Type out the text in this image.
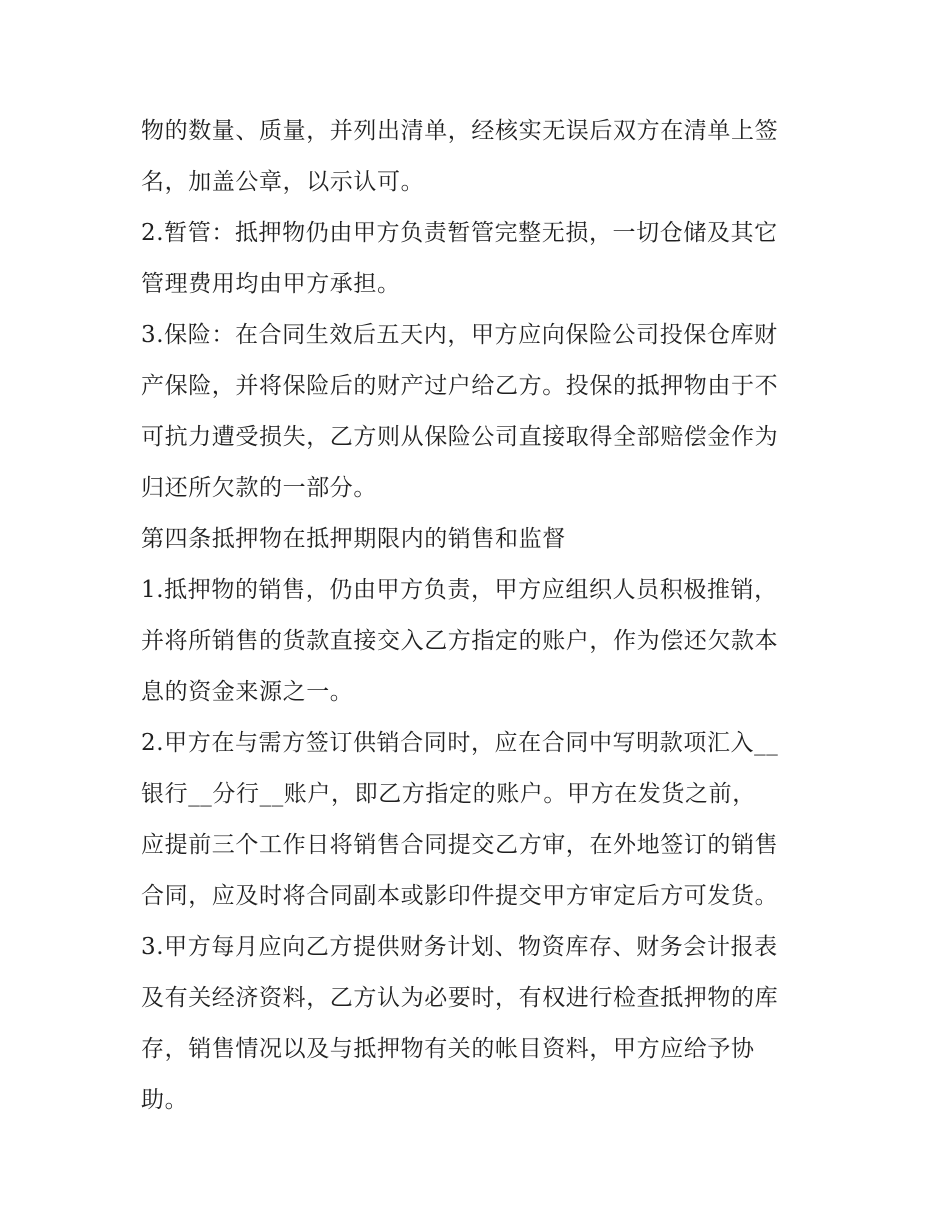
物的数量、质量，并列出清单，经核实无误后双方在清单上签
名，加盖公章，以示认可。
2.暂管：抵押物仍由甲方负责暂管完整无损，一切仓储及其它
管理费用均由甲方承担。
3.保险：在合同生效后五天内，甲方应向保险公司投保仓库财
产保险，并将保险后的财产过户给乙方。投保的抵押物由于不
可抗力遭受损失，乙方则从保险公司直接取得全部赔偿金作为
归还所欠款的一部分。
第四条抵押物在抵押期限内的销售和监督
1.抵押物的销售，仍由甲方负责，甲方应组织人员积极推销，
并将所销售的货款直接交入乙方指定的账户，作为偿还欠款本
息的资金来源之一。
2.甲方在与需方签订供销合同时，应在合同中写明款项汇入__
银行__分行__账户，即乙方指定的账户。甲方在发货之前，
应提前三个工作日将销售合同提交乙方审，在外地签订的销售
合同，应及时将合同副本或影印件提交甲方审定后方可发货。
3.甲方每月应向乙方提供财务计划、物资库存、财务会计报表
及有关经济资料，乙方认为必要时，有权进行检查抵押物的库
存，销售情况以及与抵押物有关的帐目资料，甲方应给予协
助。
